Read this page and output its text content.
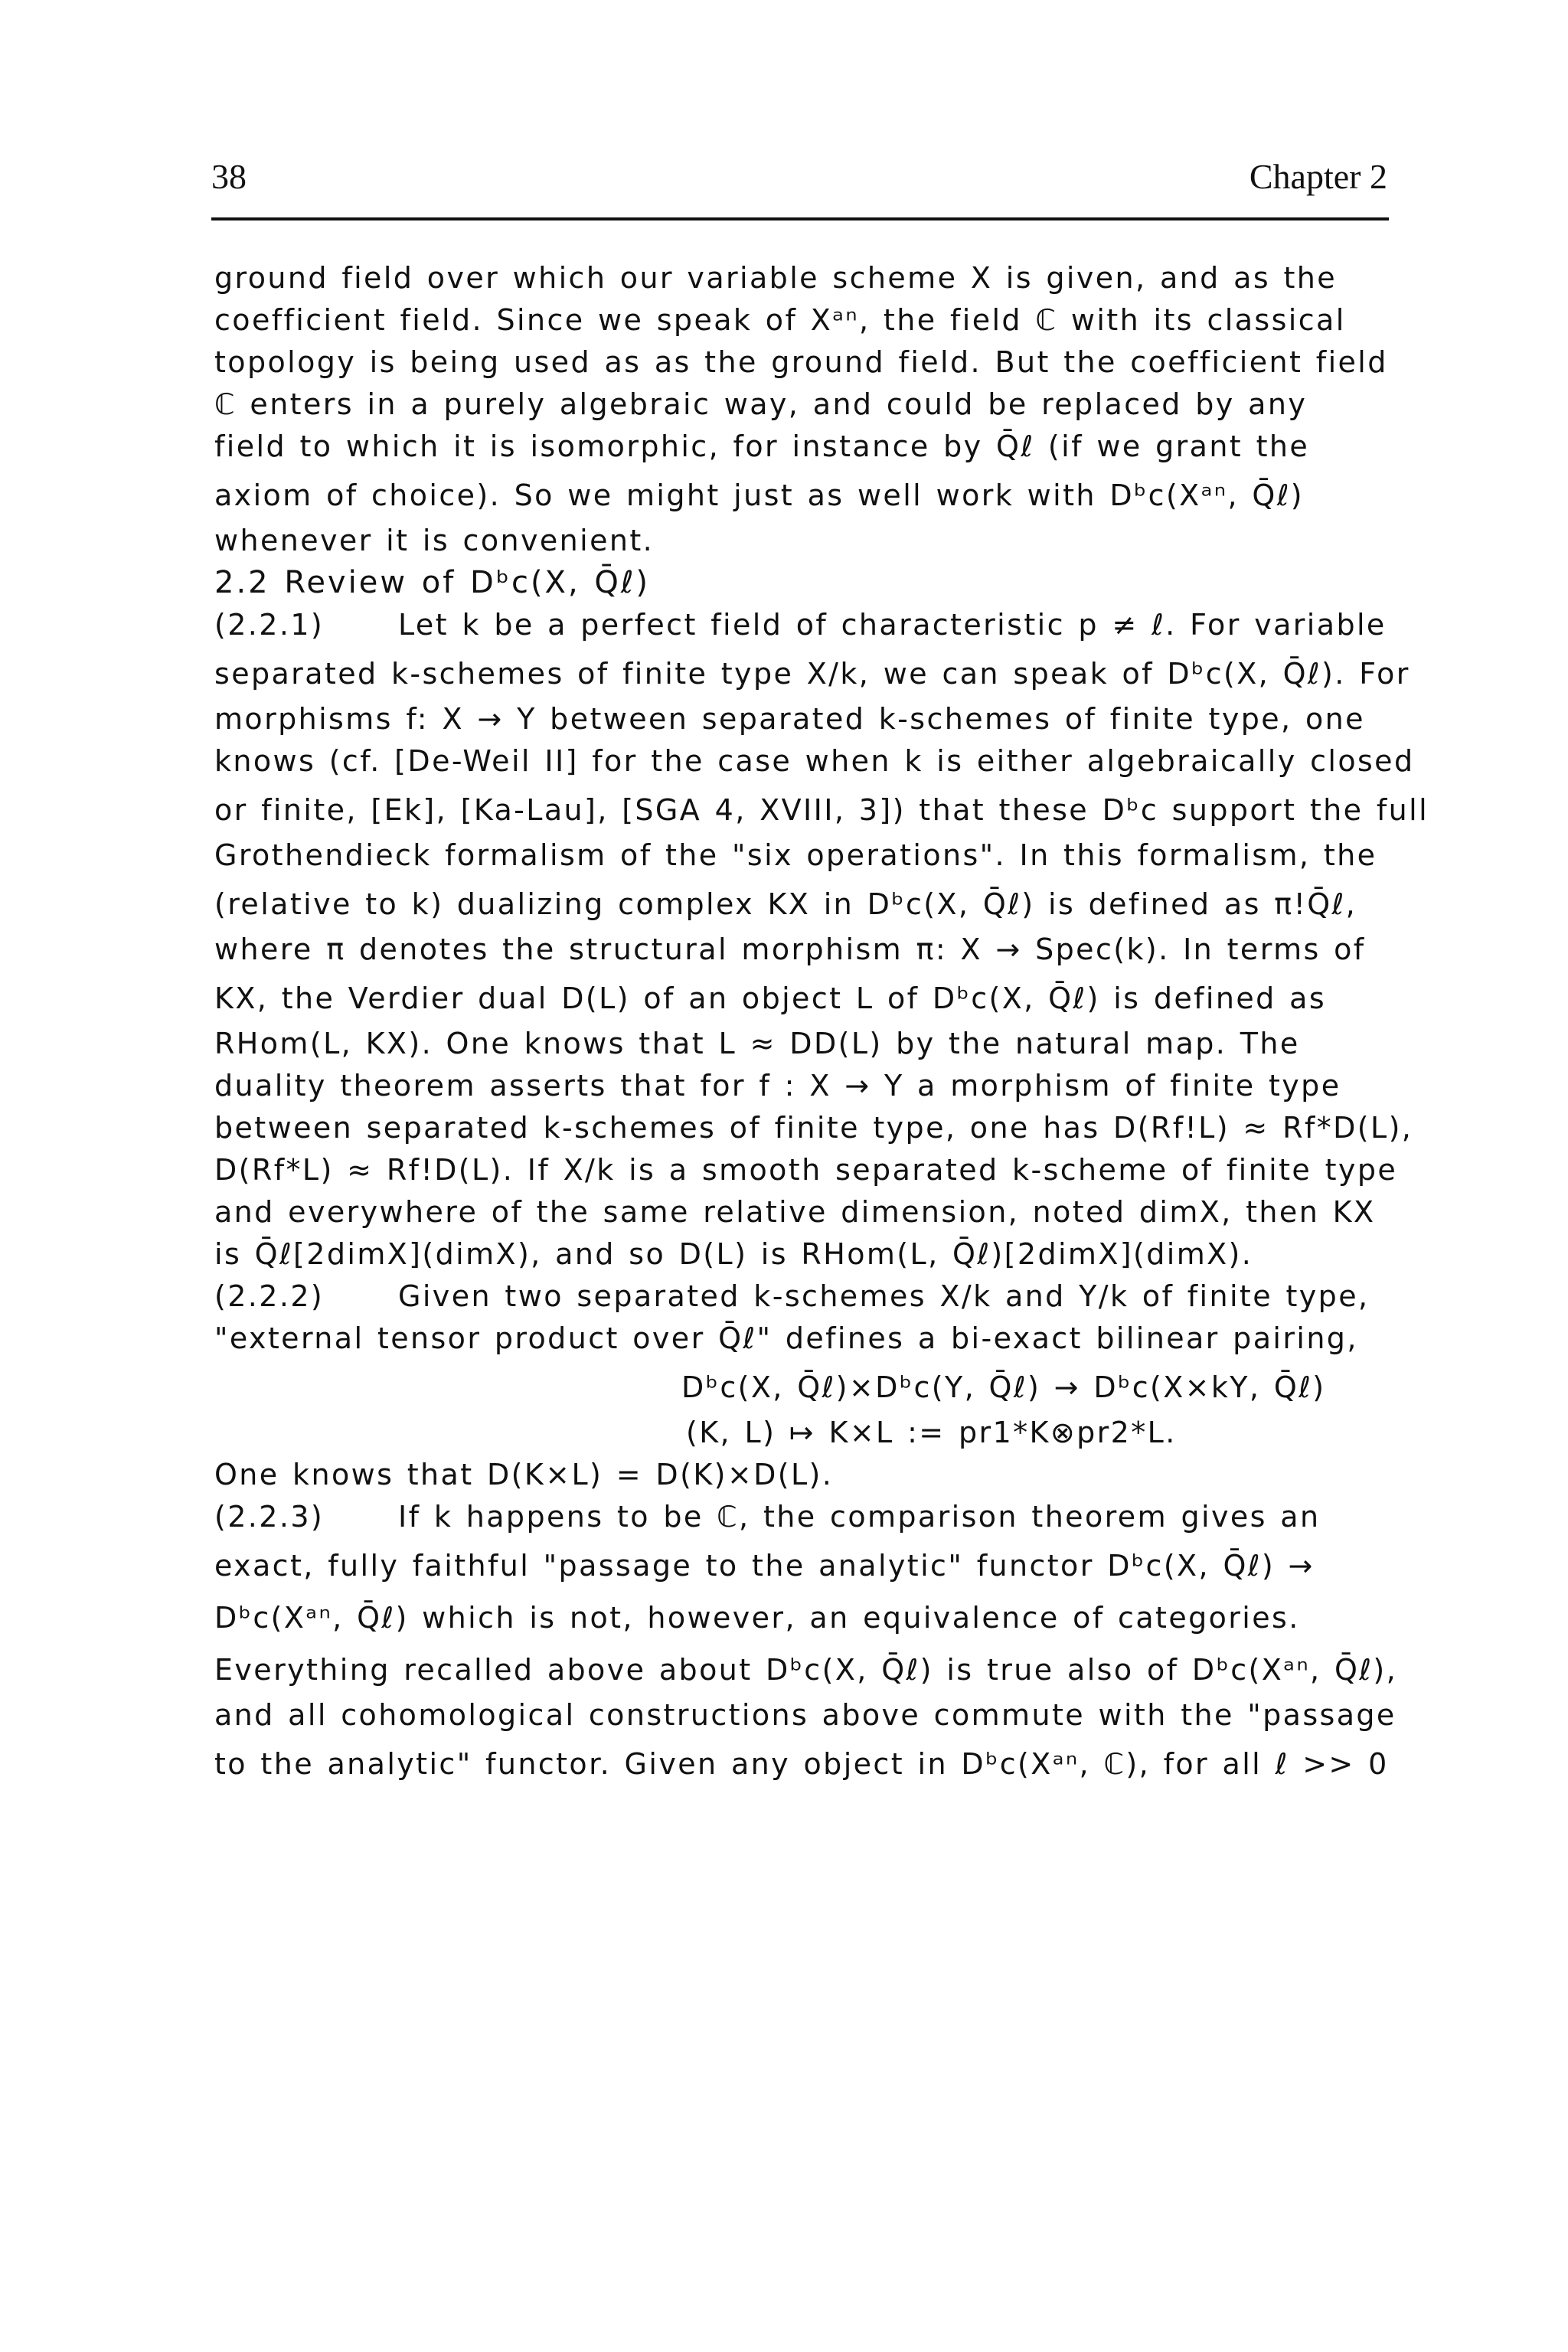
38	Chapter 2
ground field over which our variable scheme X is given, and as the
coefficient field. Since we speak of Xᵃⁿ, the field ℂ with its classical
topology is being used as as the ground field. But the coefficient field
ℂ enters in a purely algebraic way, and could be replaced by any
field to which it is isomorphic, for instance by Q̄ℓ (if we grant the
axiom of choice). So we might just as well work with Dᵇc(Xᵃⁿ, Q̄ℓ)
whenever it is convenient.
2.2 Review of Dᵇc(X, Q̄ℓ)
(2.2.1)	Let k be a perfect field of characteristic p ≠ ℓ. For variable
separated k-schemes of finite type X/k, we can speak of Dᵇc(X, Q̄ℓ). For
morphisms f: X → Y between separated k-schemes of finite type, one
knows (cf. [De-Weil II] for the case when k is either algebraically closed
or finite, [Ek], [Ka-Lau], [SGA 4, XVIII, 3]) that these Dᵇc support the full
Grothendieck formalism of the "six operations". In this formalism, the
(relative to k) dualizing complex KX in Dᵇc(X, Q̄ℓ) is defined as π!Q̄ℓ,
where π denotes the structural morphism π: X → Spec(k). In terms of
KX, the Verdier dual D(L) of an object L of Dᵇc(X, Q̄ℓ) is defined as
RHom(L, KX). One knows that L ≈ DD(L) by the natural map. The
duality theorem asserts that for f : X → Y a morphism of finite type
between separated k-schemes of finite type, one has D(Rf!L) ≈ Rf*D(L),
D(Rf*L) ≈ Rf!D(L). If X/k is a smooth separated k-scheme of finite type
and everywhere of the same relative dimension, noted dimX, then KX
is Q̄ℓ[2dimX](dimX), and so D(L) is RHom(L, Q̄ℓ)[2dimX](dimX).
(2.2.2)	Given two separated k-schemes X/k and Y/k of finite type,
"external tensor product over Q̄ℓ" defines a bi-exact bilinear pairing,
Dᵇc(X, Q̄ℓ)×Dᵇc(Y, Q̄ℓ) → Dᵇc(X×kY, Q̄ℓ)
(K, L) ↦ K×L := pr1*K⊗pr2*L.
One knows that D(K×L) = D(K)×D(L).
(2.2.3)	If k happens to be ℂ, the comparison theorem gives an
exact, fully faithful "passage to the analytic" functor Dᵇc(X, Q̄ℓ) →
Dᵇc(Xᵃⁿ, Q̄ℓ) which is not, however, an equivalence of categories.
Everything recalled above about Dᵇc(X, Q̄ℓ) is true also of Dᵇc(Xᵃⁿ, Q̄ℓ),
and all cohomological constructions above commute with the "passage
to the analytic" functor. Given any object in Dᵇc(Xᵃⁿ, ℂ), for all ℓ >> 0
